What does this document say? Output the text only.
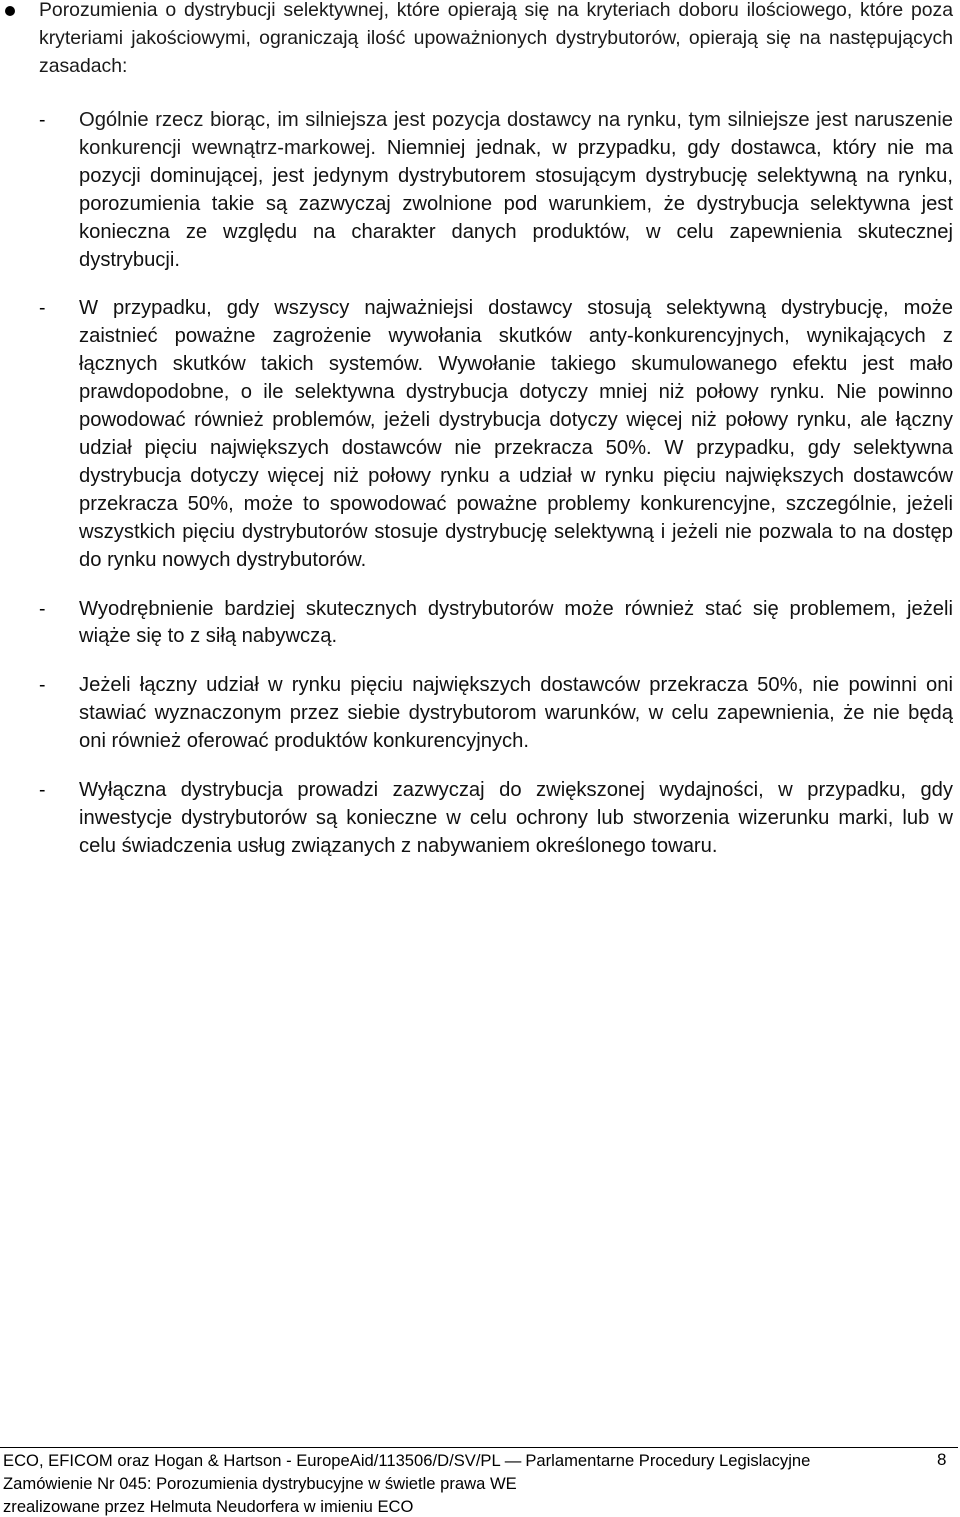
Porozumienia o dystrybucji selektywnej, które opierają się na kryteriach doboru ilościowego, które poza kryteriami jakościowymi, ograniczają ilość upoważnionych dystrybutorów, opierają się na następujących zasadach:
- Ogólnie rzecz biorąc, im silniejsza jest pozycja dostawcy na rynku, tym silniejsze jest naruszenie konkurencji wewnątrz-markowej. Niemniej jednak, w przypadku, gdy dostawca, który nie ma pozycji dominującej, jest jedynym dystrybutorem stosującym dystrybucję selektywną na rynku, porozumienia takie są zazwyczaj zwolnione pod warunkiem, że dystrybucja selektywna jest konieczna ze względu na charakter danych produktów, w celu zapewnienia skutecznej dystrybucji.
- W przypadku, gdy wszyscy najważniejsi dostawcy stosują selektywną dystrybucję, może zaistnieć poważne zagrożenie wywołania skutków anty-konkurencyjnych, wynikających z łącznych skutków takich systemów. Wywołanie takiego skumulowanego efektu jest mało prawdopodobne, o ile selektywna dystrybucja dotyczy mniej niż połowy rynku. Nie powinno powodować również problemów, jeżeli dystrybucja dotyczy więcej niż połowy rynku, ale łączny udział pięciu największych dostawców nie przekracza 50%. W przypadku, gdy selektywna dystrybucja dotyczy więcej niż połowy rynku a udział w rynku pięciu największych dostawców przekracza 50%, może to spowodować poważne problemy konkurencyjne, szczególnie, jeżeli wszystkich pięciu dystrybutorów stosuje dystrybucję selektywną i jeżeli nie pozwala to na dostęp do rynku nowych dystrybutorów.
- Wyodrębnienie bardziej skutecznych dystrybutorów może również stać się problemem, jeżeli wiąże się to z siłą nabywczą.
- Jeżeli łączny udział w rynku pięciu największych dostawców przekracza 50%, nie powinni oni stawiać wyznaczonym przez siebie dystrybutorom warunków, w celu zapewnienia, że nie będą oni również oferować produktów konkurencyjnych.
- Wyłączna dystrybucja prowadzi zazwyczaj do zwiększonej wydajności, w przypadku, gdy inwestycje dystrybutorów są konieczne w celu ochrony lub stworzenia wizerunku marki, lub w celu świadczenia usług związanych z nabywaniem określonego towaru.
ECO, EFICOM oraz Hogan & Hartson - EuropeAid/113506/D/SV/PL — Parlamentarne Procedury Legislacyjne	8
Zamówienie Nr 045: Porozumienia dystrybucyjne w świetle prawa WE
zrealizowane przez Helmuta Neudorfera w imieniu ECO
